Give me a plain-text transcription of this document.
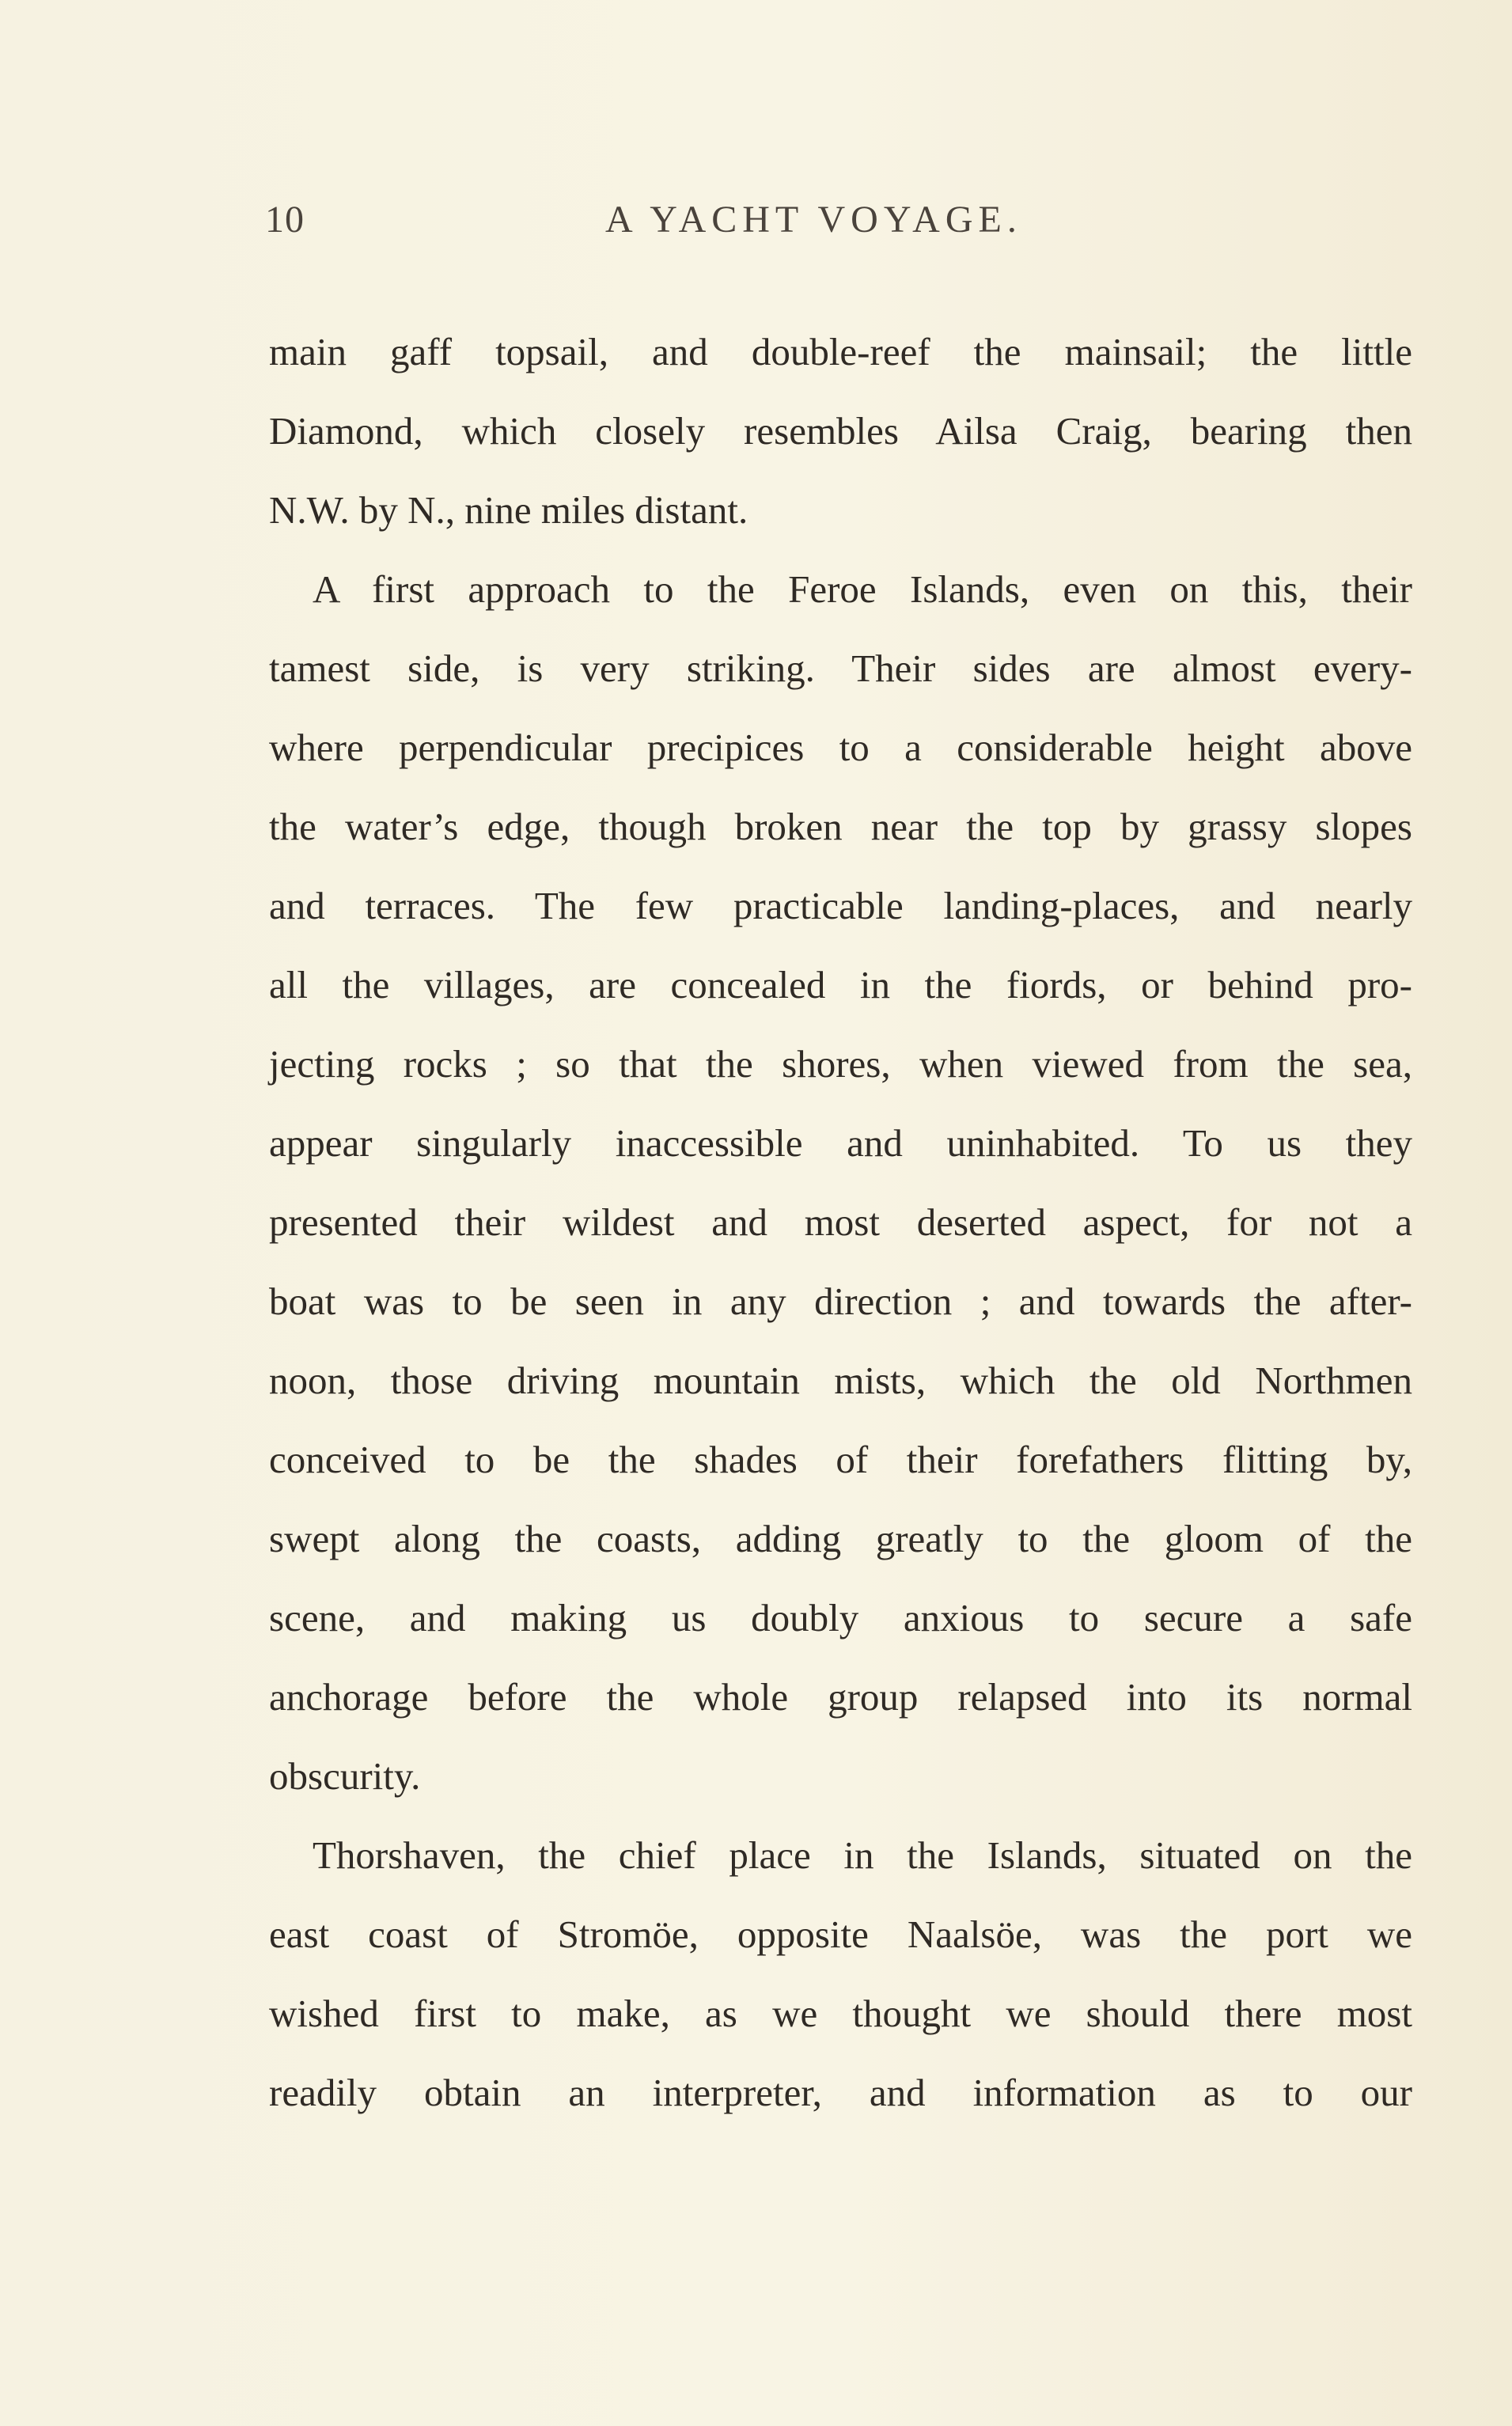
10	A YACHT VOYAGE.
main gaff topsail, and double-reef the mainsail; the little
Diamond, which closely resembles Ailsa Craig, bearing then
N.W. by N., nine miles distant.
A first approach to the Feroe Islands, even on this, their
tamest side, is very striking. Their sides are almost every-
where perpendicular precipices to a considerable height above
the water’s edge, though broken near the top by grassy slopes
and terraces. The few practicable landing-places, and nearly
all the villages, are concealed in the fiords, or behind pro-
jecting rocks ; so that the shores, when viewed from the sea,
appear singularly inaccessible and uninhabited. To us they
presented their wildest and most deserted aspect, for not a
boat was to be seen in any direction ; and towards the after-
noon, those driving mountain mists, which the old Northmen
conceived to be the shades of their forefathers flitting by,
swept along the coasts, adding greatly to the gloom of the
scene, and making us doubly anxious to secure a safe
anchorage before the whole group relapsed into its normal
obscurity.
Thorshaven, the chief place in the Islands, situated on the
east coast of Stromöe, opposite Naalsöe, was the port we
wished first to make, as we thought we should there most
readily obtain an interpreter, and information as to our
